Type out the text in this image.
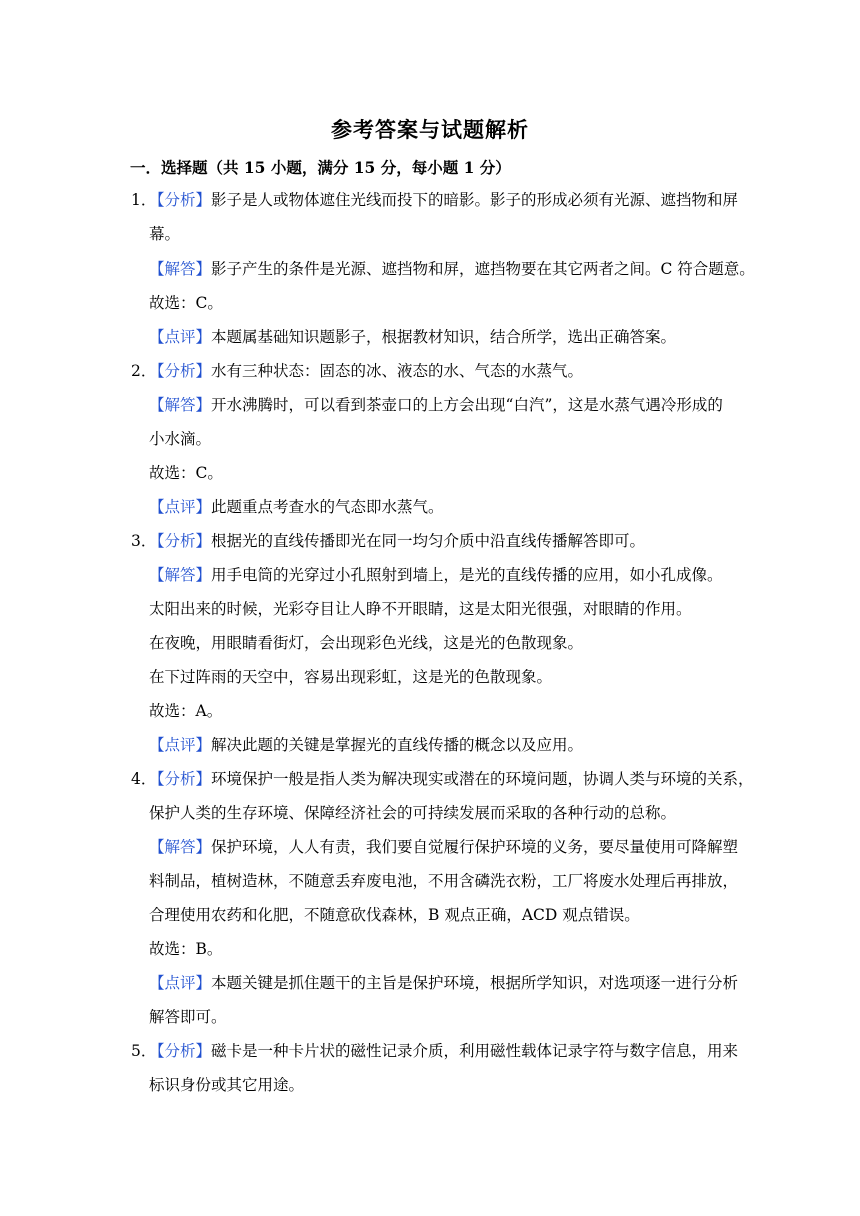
参考答案与试题解析
一．选择题（共 15 小题，满分 15 分，每小题 1 分）
1．
【分析】影子是人或物体遮住光线而投下的暗影。影子的形成必须有光源、遮挡物和屏
幕。
【解答】影子产生的条件是光源、遮挡物和屏，遮挡物要在其它两者之间。C 符合题意。
故选：C。
【点评】本题属基础知识题影子，根据教材知识，结合所学，选出正确答案。
2．
【分析】水有三种状态：固态的冰、液态的水、气态的水蒸气。
【解答】开水沸腾时，可以看到茶壶口的上方会出现“白汽”，这是水蒸气遇冷形成的
小水滴。
故选：C。
【点评】此题重点考查水的气态即水蒸气。
3．
【分析】根据光的直线传播即光在同一均匀介质中沿直线传播解答即可。
【解答】用手电筒的光穿过小孔照射到墙上，是光的直线传播的应用，如小孔成像。
太阳出来的时候，光彩夺目让人睁不开眼睛，这是太阳光很强，对眼睛的作用。
在夜晚，用眼睛看街灯，会出现彩色光线，这是光的色散现象。
在下过阵雨的天空中，容易出现彩虹，这是光的色散现象。
故选：A。
【点评】解决此题的关键是掌握光的直线传播的概念以及应用。
4．
【分析】环境保护一般是指人类为解决现实或潜在的环境问题，协调人类与环境的关系，
保护人类的生存环境、保障经济社会的可持续发展而采取的各种行动的总称。
【解答】保护环境，人人有责，我们要自觉履行保护环境的义务，要尽量使用可降解塑
料制品，植树造林，不随意丢弃废电池，不用含磷洗衣粉，工厂将废水处理后再排放，
合理使用农药和化肥，不随意砍伐森林，B 观点正确，ACD 观点错误。
故选：B。
【点评】本题关键是抓住题干的主旨是保护环境，根据所学知识，对选项逐一进行分析
解答即可。
5．
【分析】磁卡是一种卡片状的磁性记录介质，利用磁性载体记录字符与数字信息，用来
标识身份或其它用途。
